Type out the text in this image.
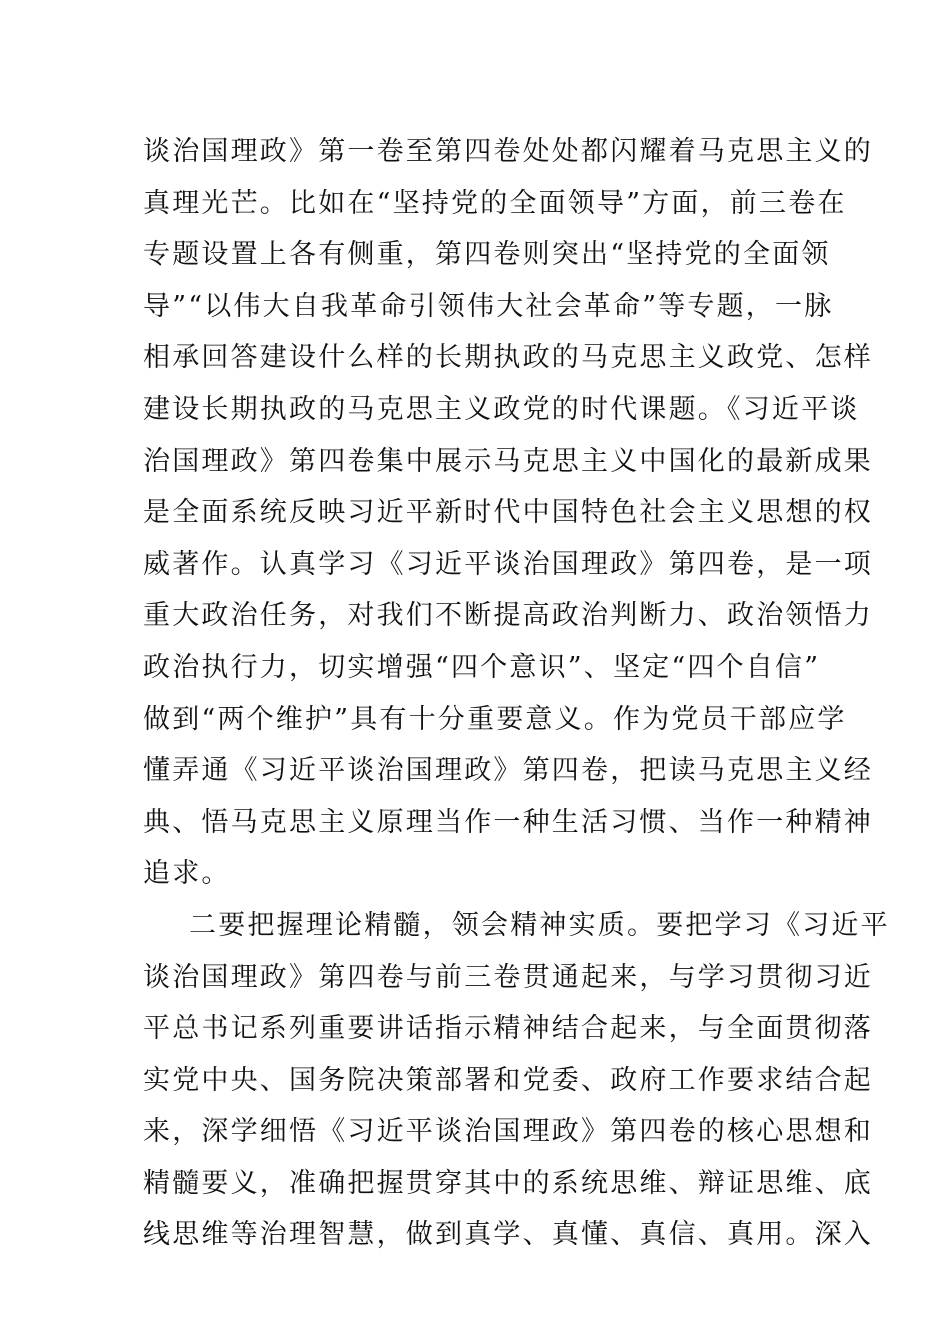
谈治国理政》第一卷至第四卷处处都闪耀着马克思主义的
真理光芒。比如在“坚持党的全面领导”方面，前三卷在
专题设置上各有侧重，第四卷则突出“坚持党的全面领
导”“以伟大自我革命引领伟大社会革命”等专题，一脉
相承回答建设什么样的长期执政的马克思主义政党、怎样
建设长期执政的马克思主义政党的时代课题。《习近平谈
治国理政》第四卷集中展示马克思主义中国化的最新成果
是全面系统反映习近平新时代中国特色社会主义思想的权
威著作。认真学习《习近平谈治国理政》第四卷，是一项
重大政治任务，对我们不断提高政治判断力、政治领悟力
政治执行力，切实增强“四个意识”、坚定“四个自信”
做到“两个维护”具有十分重要意义。作为党员干部应学
懂弄通《习近平谈治国理政》第四卷，把读马克思主义经
典、悟马克思主义原理当作一种生活习惯、当作一种精神
追求。
二要把握理论精髓，领会精神实质。要把学习《习近平
谈治国理政》第四卷与前三卷贯通起来，与学习贯彻习近
平总书记系列重要讲话指示精神结合起来，与全面贯彻落
实党中央、国务院决策部署和党委、政府工作要求结合起
来，深学细悟《习近平谈治国理政》第四卷的核心思想和
精髓要义，准确把握贯穿其中的系统思维、辩证思维、底
线思维等治理智慧，做到真学、真懂、真信、真用。深入
